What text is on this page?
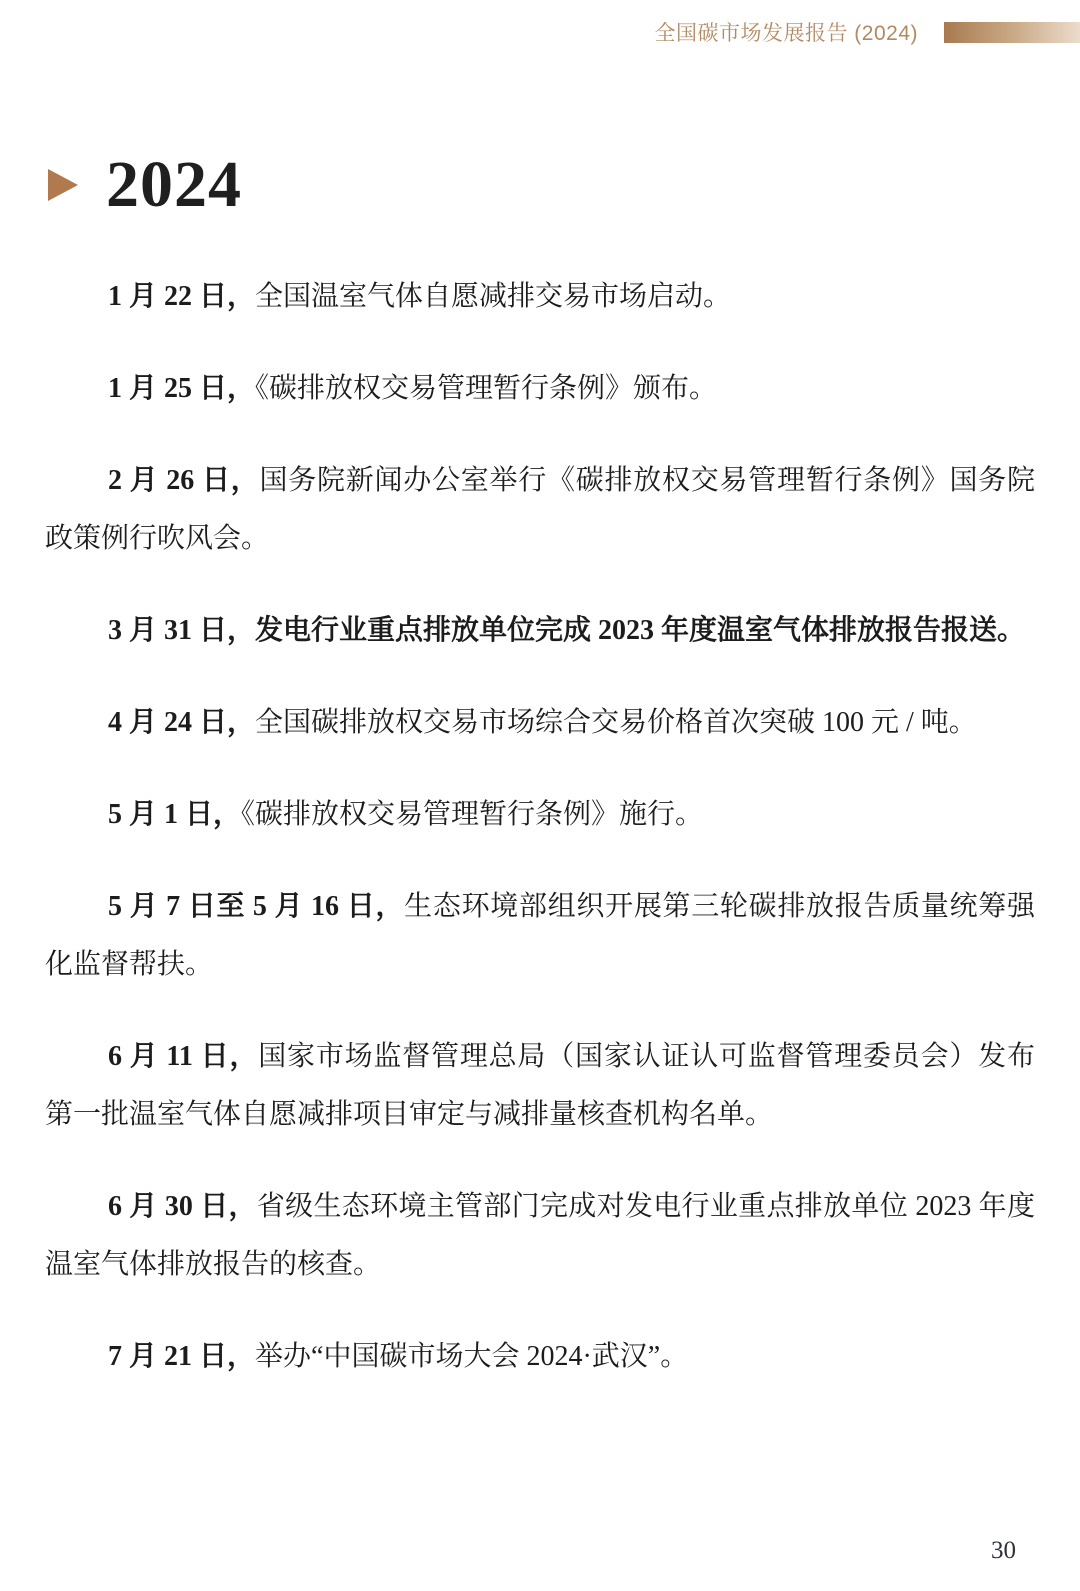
全国碳市场发展报告 (2024)
2024

1 月 22 日，全国温室气体自愿减排交易市场启动。

1 月 25 日，《碳排放权交易管理暂行条例》颁布。

2 月 26 日，国务院新闻办公室举行《碳排放权交易管理暂行条例》国务院政策例行吹风会。

3 月 31 日，发电行业重点排放单位完成 2023 年度温室气体排放报告报送。

4 月 24 日，全国碳排放权交易市场综合交易价格首次突破 100 元 / 吨。

5 月 1 日，《碳排放权交易管理暂行条例》施行。

5 月 7 日至 5 月 16 日，生态环境部组织开展第三轮碳排放报告质量统筹强化监督帮扶。

6 月 11 日，国家市场监督管理总局（国家认证认可监督管理委员会）发布第一批温室气体自愿减排项目审定与减排量核查机构名单。

6 月 30 日，省级生态环境主管部门完成对发电行业重点排放单位 2023 年度温室气体排放报告的核查。

7 月 21 日，举办“中国碳市场大会 2024·武汉”。

30
